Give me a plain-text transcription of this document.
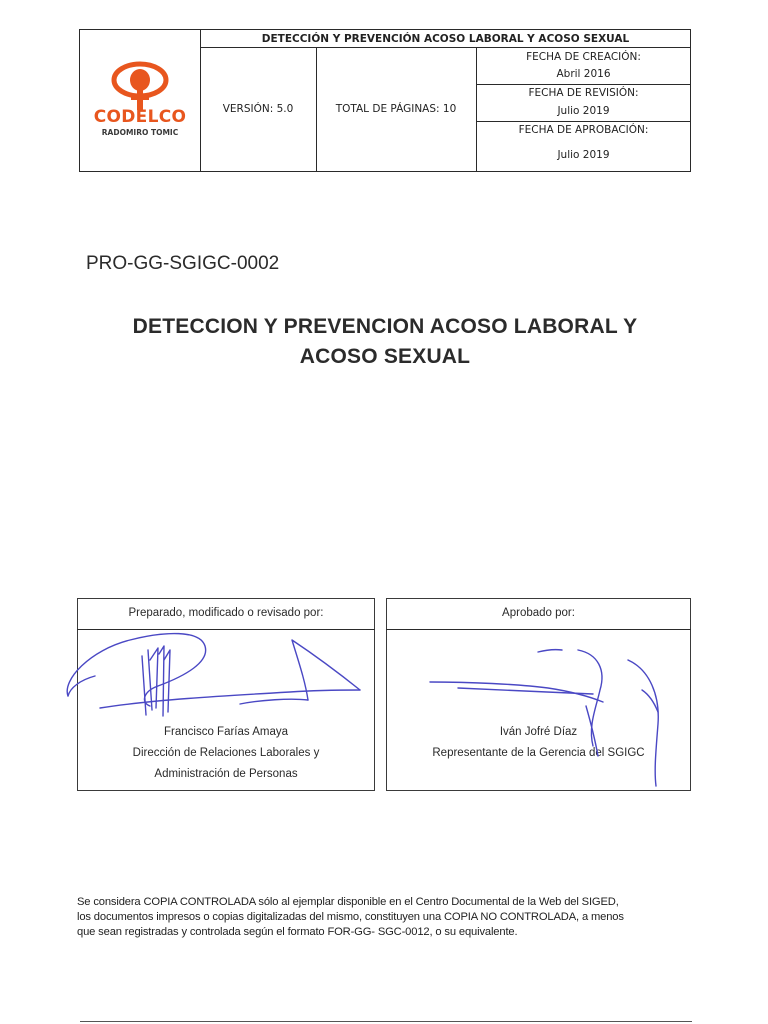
CODELCO
RADOMIRO TOMIC
DETECCIÓN Y PREVENCIÓN ACOSO LABORAL Y ACOSO SEXUAL
VERSIÓN: 5.0	TOTAL DE PÁGINAS: 10
FECHA DE CREACIÓN:
Abril 2016
FECHA DE REVISIÓN:
Julio 2019
FECHA DE APROBACIÓN:
Julio 2019
PRO-GG-SGIGC-0002
DETECCION Y PREVENCION ACOSO LABORAL Y
ACOSO SEXUAL
Preparado, modificado o revisado por:
Francisco Farías Amaya
Dirección de Relaciones Laborales y
Administración de Personas
Aprobado por:
Iván Jofré Díaz
Representante de la Gerencia del SGIGC
Se considera COPIA CONTROLADA sólo al ejemplar disponible en el Centro Documental de la Web del SIGED,
los documentos impresos o copias digitalizadas del mismo, constituyen una COPIA NO CONTROLADA, a menos
que sean registradas y controlada según el formato FOR-GG- SGC-0012, o su equivalente.
